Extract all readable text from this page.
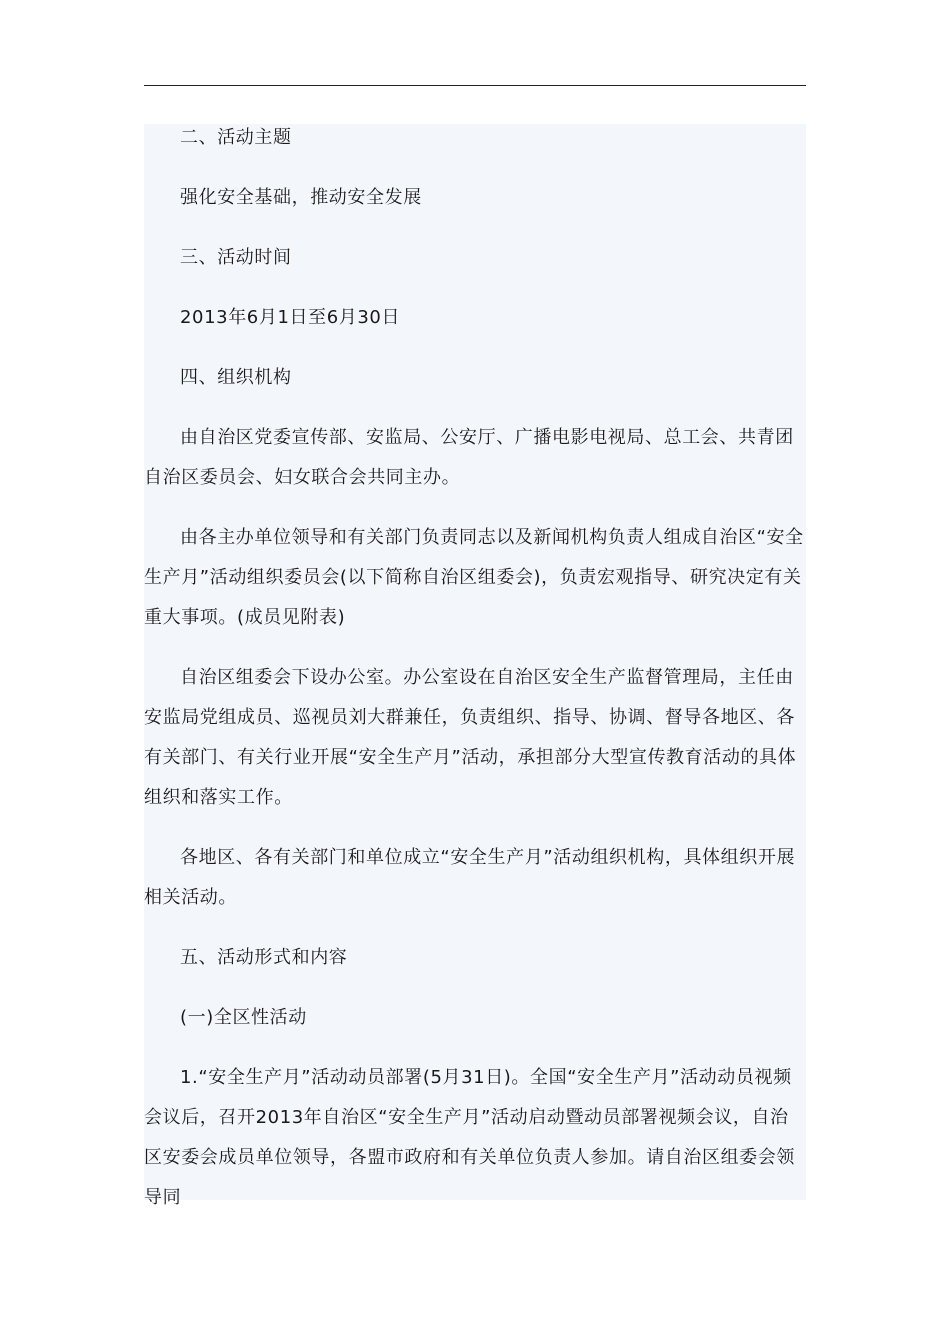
二、活动主题

强化安全基础，推动安全发展

三、活动时间

2013年6月1日至6月30日

四、组织机构

由自治区党委宣传部、安监局、公安厅、广播电影电视局、总工会、共青团自治区委员会、妇女联合会共同主办。

由各主办单位领导和有关部门负责同志以及新闻机构负责人组成自治区“安全生产月”活动组织委员会(以下简称自治区组委会)，负责宏观指导、研究决定有关重大事项。(成员见附表)

自治区组委会下设办公室。办公室设在自治区安全生产监督管理局，主任由安监局党组成员、巡视员刘大群兼任，负责组织、指导、协调、督导各地区、各有关部门、有关行业开展“安全生产月”活动，承担部分大型宣传教育活动的具体组织和落实工作。

各地区、各有关部门和单位成立“安全生产月”活动组织机构，具体组织开展相关活动。

五、活动形式和内容

(一)全区性活动

1.“安全生产月”活动动员部署(5月31日)。全国“安全生产月”活动动员视频会议后，召开2013年自治区“安全生产月”活动启动暨动员部署视频会议，自治区安委会成员单位领导，各盟市政府和有关单位负责人参加。请自治区组委会领导同
